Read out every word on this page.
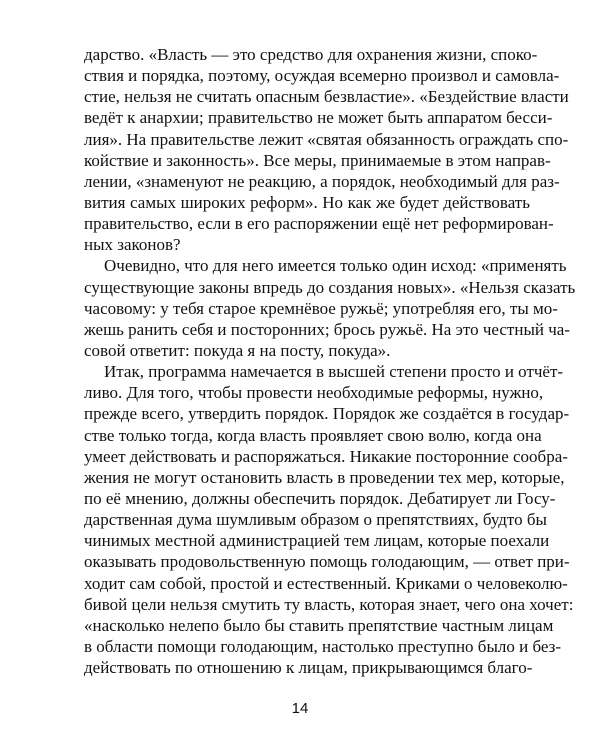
дарство. «Власть — это средство для охранения жизни, споко-
ствия и порядка, поэтому, осуждая всемерно произвол и самовла-
стие, нельзя не считать опасным безвластие». «Бездействие власти
ведёт к анархии; правительство не может быть аппаратом бесси-
лия». На правительстве лежит «святая обязанность ограждать спо-
койствие и законность». Все меры, принимаемые в этом направ-
лении, «знаменуют не реакцию, а порядок, необходимый для раз-
вития самых широких реформ». Но как же будет действовать
правительство, если в его распоряжении ещё нет реформирован-
ных законов?
Очевидно, что для него имеется только один исход: «применять
существующие законы впредь до создания новых». «Нельзя сказать
часовому: у тебя старое кремнёвое ружьё; употребляя его, ты мо-
жешь ранить себя и посторонних; брось ружьё. На это честный ча-
совой ответит: покуда я на посту, покуда».
Итак, программа намечается в высшей степени просто и отчёт-
ливо. Для того, чтобы провести необходимые реформы, нужно,
прежде всего, утвердить порядок. Порядок же создаётся в государ-
стве только тогда, когда власть проявляет свою волю, когда она
умеет действовать и распоряжаться. Никакие посторонние сообра-
жения не могут остановить власть в проведении тех мер, которые,
по её мнению, должны обеспечить порядок. Дебатирует ли Госу-
дарственная дума шумливым образом о препятствиях, будто бы
чинимых местной администрацией тем лицам, которые поехали
оказывать продовольственную помощь голодающим, — ответ при-
ходит сам собой, простой и естественный. Криками о человеколю-
бивой цели нельзя смутить ту власть, которая знает, чего она хочет:
«насколько нелепо было бы ставить препятствие частным лицам
в области помощи голодающим, настолько преступно было и без-
действовать по отношению к лицам, прикрывающимся благо-
14
